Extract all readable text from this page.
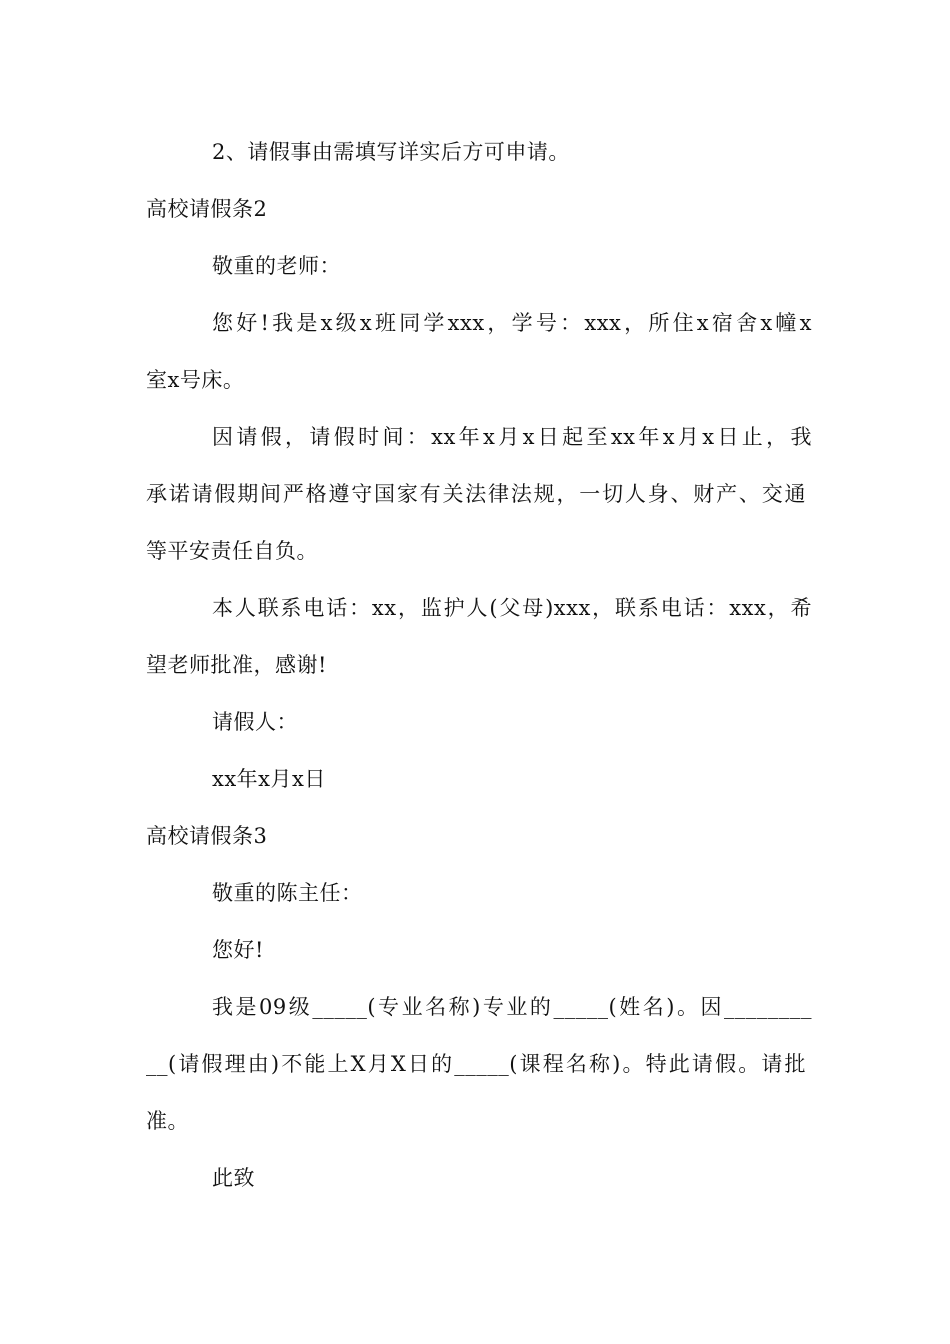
2、请假事由需填写详实后方可申请。
高校请假条2
敬重的老师：
您好!我是x级x班同学xxx，学号：xxx，所住x宿舍x幢x
室x号床。
因请假，请假时间：xx年x月x日起至xx年x月x日止，我
承诺请假期间严格遵守国家有关法律法规，一切人身、财产、交通
等平安责任自负。
本人联系电话：xx，监护人(父母)xxx，联系电话：xxx，希
望老师批准，感谢!
请假人：
xx年x月x日
高校请假条3
敬重的陈主任：
您好!
我是09级_____(专业名称)专业的_____(姓名)。因________
__(请假理由)不能上X月X日的_____(课程名称)。特此请假。请批
准。
此致
